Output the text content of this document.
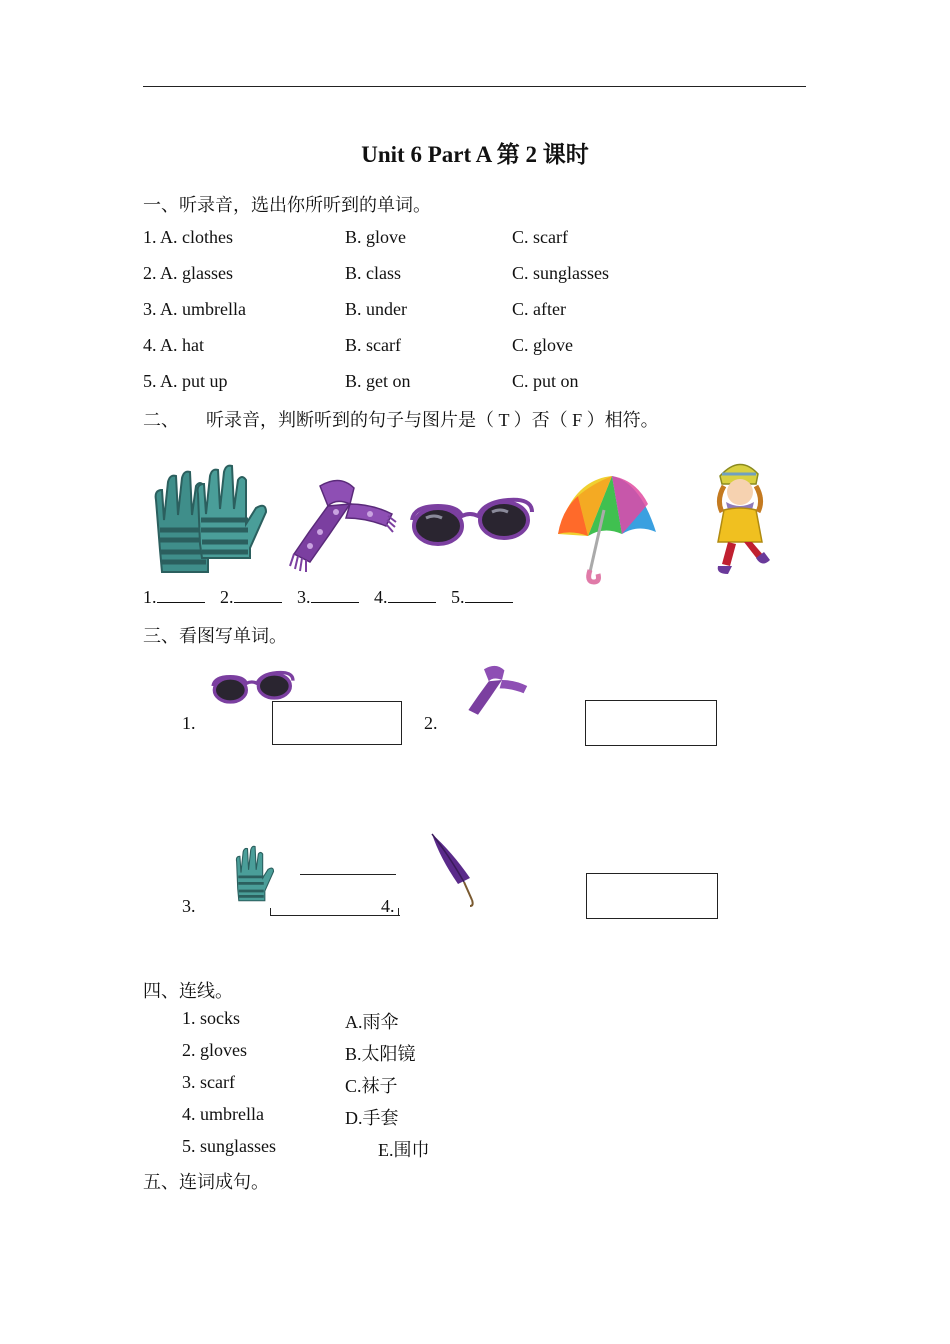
Unit 6 Part A 第 2 课时
一、听录音，选出你所听到的单词。
1. A. clothes	B. glove	C. scarf
2. A. glasses	B. class	C. sunglasses
3. A. umbrella	B. under	C. after
4. A. hat	B. scarf	C. glove
5. A. put up	B. get on	C. put on
二、　　听录音，判断听到的句子与图片是（ T ）否（ F ）相符。
1.	2.	3.	4.	5.
三、看图写单词。
1.	2.
3.	4.
四、连线。
1. socks	A.雨伞
2. gloves	B.太阳镜
3. scarf	C.袜子
4. umbrella	D.手套
5. sunglasses	E.围巾
五、连词成句。
